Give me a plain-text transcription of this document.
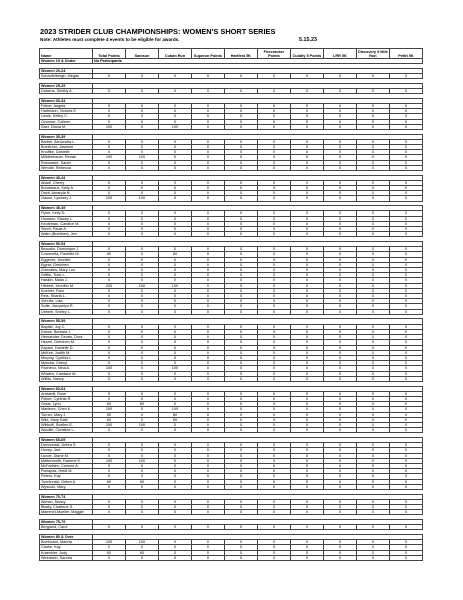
2023 STRIDER CLUB CHAMPIONSHIPS: WOMEN'S SHORT SERIES
Note: Athletes must complete 4 events to be eligible for awards.	5.15.23
Name	Total Points	Samson	Cuban Run	Superun Points	Hartfest 5K	Firecracker Points	Cuddly 5 Points	LRR 5K	Discovery 5 Mile Run	Pettit 5K
Women 19 & Under	No Participants									

Women 20-24										
Schaufelbergh, Megan	0	0	0	0	0	0	0	0	0	0

Women 25-29										
Dickens, Shelby A.	0	0	0	0	0	0	0	0	0	0

Women 30-34										
Felber, Angela	0	0	0	0	0	0	0	0	0	0
Hartmann, Victoria E.	0	0	0	0	0	0	0	0	0	0
Lewis, Kelley C.	0	0	0	0	0	0	0	0	0	0
Oconnor, Colleen	0	0	0	0	0	0	0	0	0	0
Saer, Diana M.	100	0	100	0	0	0	0	0	0	0

Women 35-39										
Barber, Alexandra L.	0	0	0	0	0	0	0	0	0	0
Boettcher, Jasmine	0	0	0	0	0	0	0	0	0	0
Knuffke, Danielle	0	0	0	0	0	0	0	0	0	0
Middlethauer, Renae	100	100	0	0	0	0	0	0	0	0
Rosowske, Sarah	0	0	0	0	0	0	0	0	0	0
Wendle, Rebecca	0	0	0	0	0	0	0	0	0	0

Women 40-44										
Abadi, Cherry	0	0	0	0	0	0	0	0	0	0
Boudreaux, Kelly A.	0	0	0	0	0	0	0	0	0	0
Davit, Amanda N.	0	0	0	0	0	0	0	0	0	0
Gause, Lyndsey J.	100	100	0	0	0	0	0	0	0	0

Women 45-49										
Flynn, Kelly D.	0	0	0	0	0	0	0	0	0	0
Houston, Stacey L.	0	0	0	0	0	0	0	0	0	0
Keuleman, Candice M.	0	0	0	0	0	0	0	0	0	0
Stech, Paula A.	0	0	0	0	0	0	0	0	0	0
Walm (Buettner), Jen	0	0	0	0	0	0	0	0	0	0

Women 50-54										
Beaudin, Dominique J.	0	0	0	0	0	0	0	0	0	0
Comerella, Paulette M.	60	0	60	0	0	0	0	0	0	0
Eggener, Jennifer	0	0	0	0	0	0	0	0	0	0
Ejgrar, Gretchen	0	0	0	0	0	0	0	0	0	0
Gonzales, Mary Lou	0	0	0	0	0	0	0	0	0	0
Griffin, Traci L.	0	0	0	0	0	0	0	0	0	0
Haskin, Malia J.	0	0	0	0	0	0	0	0	0	0
Hibbert, Jennifer M.	200	100	100	0	0	0	0	0	0	0
Koehler, Pam	0	0	0	0	0	0	0	0	0	0
Reis, Sharla L.	0	0	0	0	0	0	0	0	0	0
Schultz, Lisa	0	0	0	0	0	0	0	0	0	0
Sofie, Jacquelyn R.	0	0	0	0	0	0	0	0	0	0
Uebele, Shirley L.	0	0	0	0	0	0	0	0	0	0

Women 55-59										
Baptist, Joy C.	0	0	0	0	0	0	0	0	0	0
Drews, Barbara J.	0	0	0	0	0	0	0	0	0	0
Hernandez Geurts, Dora	0	0	0	0	0	0	0	0	0	0
Herzel, Gretchen M.	0	0	0	0	0	0	0	0	0	0
Kaplan, Danielle D.	0	0	0	0	0	0	0	0	0	0
McKee, Judith M.	0	0	0	0	0	0	0	0	0	0
Murphy, Cynthia L.	0	0	0	0	0	0	0	0	0	0
Myszka, Cheryl	0	0	0	0	0	0	0	0	0	0
Pacheco, Nina A.	100	0	100	0	0	0	0	0	0	0
Whalen, Candace M.	0	0	0	0	0	0	0	0	0	0
Willits, Nancy	0	0	0	0	0	0	0	0	0	0

Women 60-64										
Arnstedt, Rose	0	0	0	0	0	0	0	0	0	0
Felber, Cynthia R.	0	0	0	0	0	0	0	0	0	0
Grear, Lynn	60	60	0	0	0	0	0	0	0	0
Martinez, Cheri K.	100	0	100	0	0	0	0	0	0	0
Turner, Mary J.	60	0	60	0	0	0	0	0	0	0
Wild, Mary Kate	60	0	60	0	0	0	0	0	0	0
Wittkoff, Suellen E.	100	100	0	0	0	0	0	0	0	0
Woollie, Christine L.	0	0	0	0	0	0	0	0	0	0

Women 65-69										
Dworzinski, Debra S.	0	0	0	0	0	0	0	0	0	0
Hovey, Jaci	0	0	0	0	0	0	0	0	0	0
Lunde, Diane M.	0	0	0	0	0	0	0	0	0	0
Mattenmoth, Darlene K.	100	100	0	0	0	0	0	0	0	0
McFadden, Corinne A.	0	0	0	0	0	0	0	0	0	0
Parrapas, Heidi M.	0	0	0	0	0	0	0	0	0	0
Peters, Kay	0	0	0	0	0	0	0	0	0	0
Tuerlinnski, Debra A.	60	60	0	0	0	0	0	0	0	0
Wysocki, Mary	0	0	0	0	0	0	0	0	0	0

Women 70-74										
Allman, Nancy	0	0	0	0	0	0	0	0	0	0
Blasty, Charlene S.	0	0	0	0	0	0	0	0	0	0
Mammel-Mueller, Maggie	0	0	0	0	0	0	0	0	0	0

Women 75-79										
Bergland, Carol	0	0	0	0	0	0	0	0	0	0

Women 80 & Over										
Boehlcam, Mareta	100	100	0	0	0	0	0	0	0	0
Clarke, Kay	0	0	0	0	0	0	0	0	0	0
Kraenkler, Judy	60	60	0	0	0	0	0	0	0	0
Weinstein, Sandra	0	0	0	0	0	0	0	0	0	0
